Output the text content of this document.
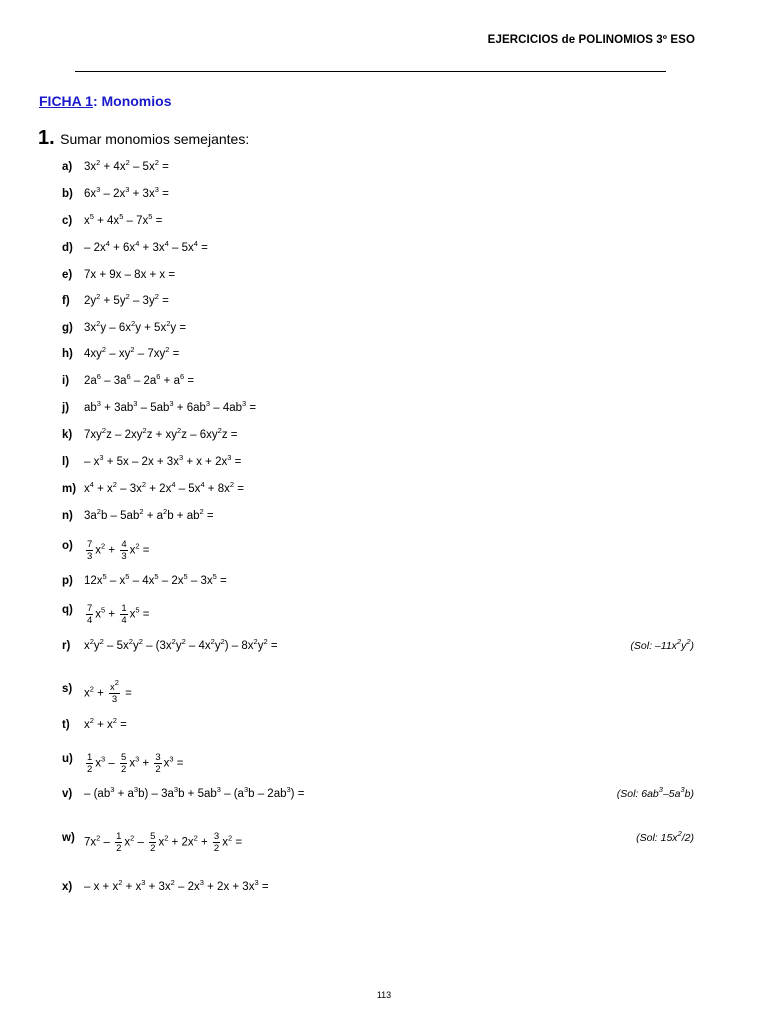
EJERCICIOS de POLINOMIOS 3º ESO
FICHA 1: Monomios
1. Sumar monomios semejantes:
a) $3x^2 + 4x^2 - 5x^2$ =
b) $6x^3 - 2x^3 + 3x^3$ =
c) $x^5 + 4x^5 - 7x^5$ =
$d) - 2x^4 + 6x^4 + 3x^4 - 5x^4$ =
e) 7x + 9x – 8x + x =
f) $2y^2 + 5y^2 - 3y^2$ =
g) $3x^2y - 6x^2y + 5x^2y$ =
h) $4xy^2 - xy^2 - 7xy^2$ =
i) $2a^6 - 3a^6 - 2a^6 + a^6$ =
j) $ab^3 + 3ab^3 - 5ab^3 + 6ab^3 - 4ab^3$ =
k) $7xy^2z - 2xy^2z + xy^2z - 6xy^2z$ =
$l) - x^3 + 5x - 2x + 3x^3 + x + 2x^3$ =
m) $x^4 + x^2 - 3x^2 + 2x^4 - 5x^4 + 8x^2$ =
n) $3a^2b - 5ab^2 + a^2b + ab^2$ =
$o) \frac{7}{3} x^2 + \frac{4}{3} x^2$ =
p) $12x^5 - x^5 - 4x^5 - 2x^5 - 3x^5$ =
$q) \frac{7}{4} x^5 + \frac{1}{4} x^5$ =
r) $x^2y^2 - 5x^2y^2 - (3x^2y^2 - 4x^2y^2) - 8x^2y^2$ =	(Sol: $-11x^2y^2$)
s) $x^2 + \frac{x^2}{3}$ =
t) $x^2 + x^2$ =
$u) \frac{1}{2} x^3 - \frac{5}{2} x^3 + \frac{3}{2} x^3$ =
$v) - (ab^3 + a^3b) - 3a^3b + 5ab^3 - (a^3b - 2ab^3)$ =	(Sol: $6ab^3-5a^3b$)
w) $7x^2 - \frac{1}{2} x^2 - \frac{5}{2} x^2 + 2x^2 + \frac{3}{2} x^2$ =	(Sol: $15x^2/2$)
$x) - x + x^2 + x^3 + 3x^2 - 2x^3 + 2x + 3x^3$ =
113
